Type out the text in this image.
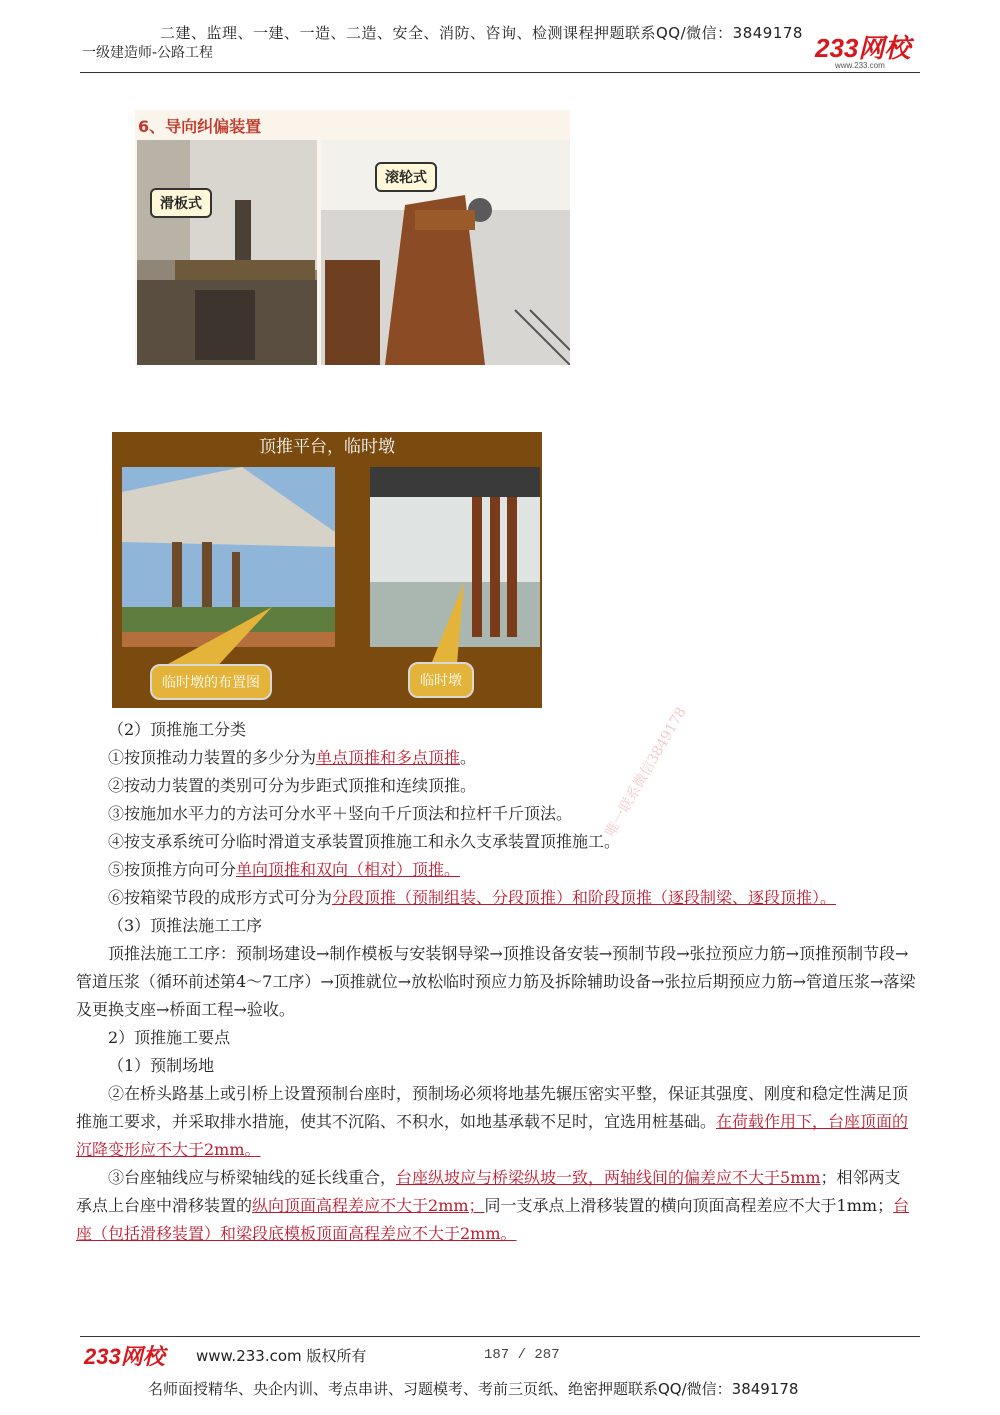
二建、监理、一建、一造、二造、安全、消防、咨询、检测课程押题联系QQ/微信：3849178
一级建造师-公路工程	233网校
www.233.com
6、导向纠偏装置
滑板式
滚轮式
顶推平台，临时墩
临时墩的布置图	临时墩
唯一联系微信3849178

（2）顶推施工分类

①按顶推动力装置的多少分为单点顶推和多点顶推。

②按动力装置的类别可分为步距式顶推和连续顶推。

③按施加水平力的方法可分水平＋竖向千斤顶法和拉杆千斤顶法。

④按支承系统可分临时滑道支承装置顶推施工和永久支承装置顶推施工。

⑤按顶推方向可分单向顶推和双向（相对）顶推。

⑥按箱梁节段的成形方式可分为分段顶推（预制组装、分段顶推）和阶段顶推（逐段制梁、逐段顶推）。

（3）顶推法施工工序

顶推法施工工序：预制场建设→制作模板与安装钢导梁→顶推设备安装→预制节段→张拉预应力筋→顶推预制节段→管道压浆（循环前述第4～7工序）→顶推就位→放松临时预应力筋及拆除辅助设备→张拉后期预应力筋→管道压浆→落梁及更换支座→桥面工程→验收。

2）顶推施工要点

（1）预制场地

②在桥头路基上或引桥上设置预制台座时，预制场必须将地基先辗压密实平整，保证其强度、刚度和稳定性满足顶推施工要求，并采取排水措施，使其不沉陷、不积水，如地基承载不足时，宜选用桩基础。在荷载作用下，台座顶面的沉降变形应不大于2mm。

③台座轴线应与桥梁轴线的延长线重合，台座纵坡应与桥梁纵坡一致，两轴线间的偏差应不大于5mm；相邻两支承点上台座中滑移装置的纵向顶面高程差应不大于2mm；同一支承点上滑移装置的横向顶面高程差应不大于1mm；台座（包括滑移装置）和梁段底模板顶面高程差应不大于2mm。

233网校 www.233.com 版权所有	187 / 287
名师面授精华、央企内训、考点串讲、习题模考、考前三页纸、绝密押题联系QQ/微信：3849178
